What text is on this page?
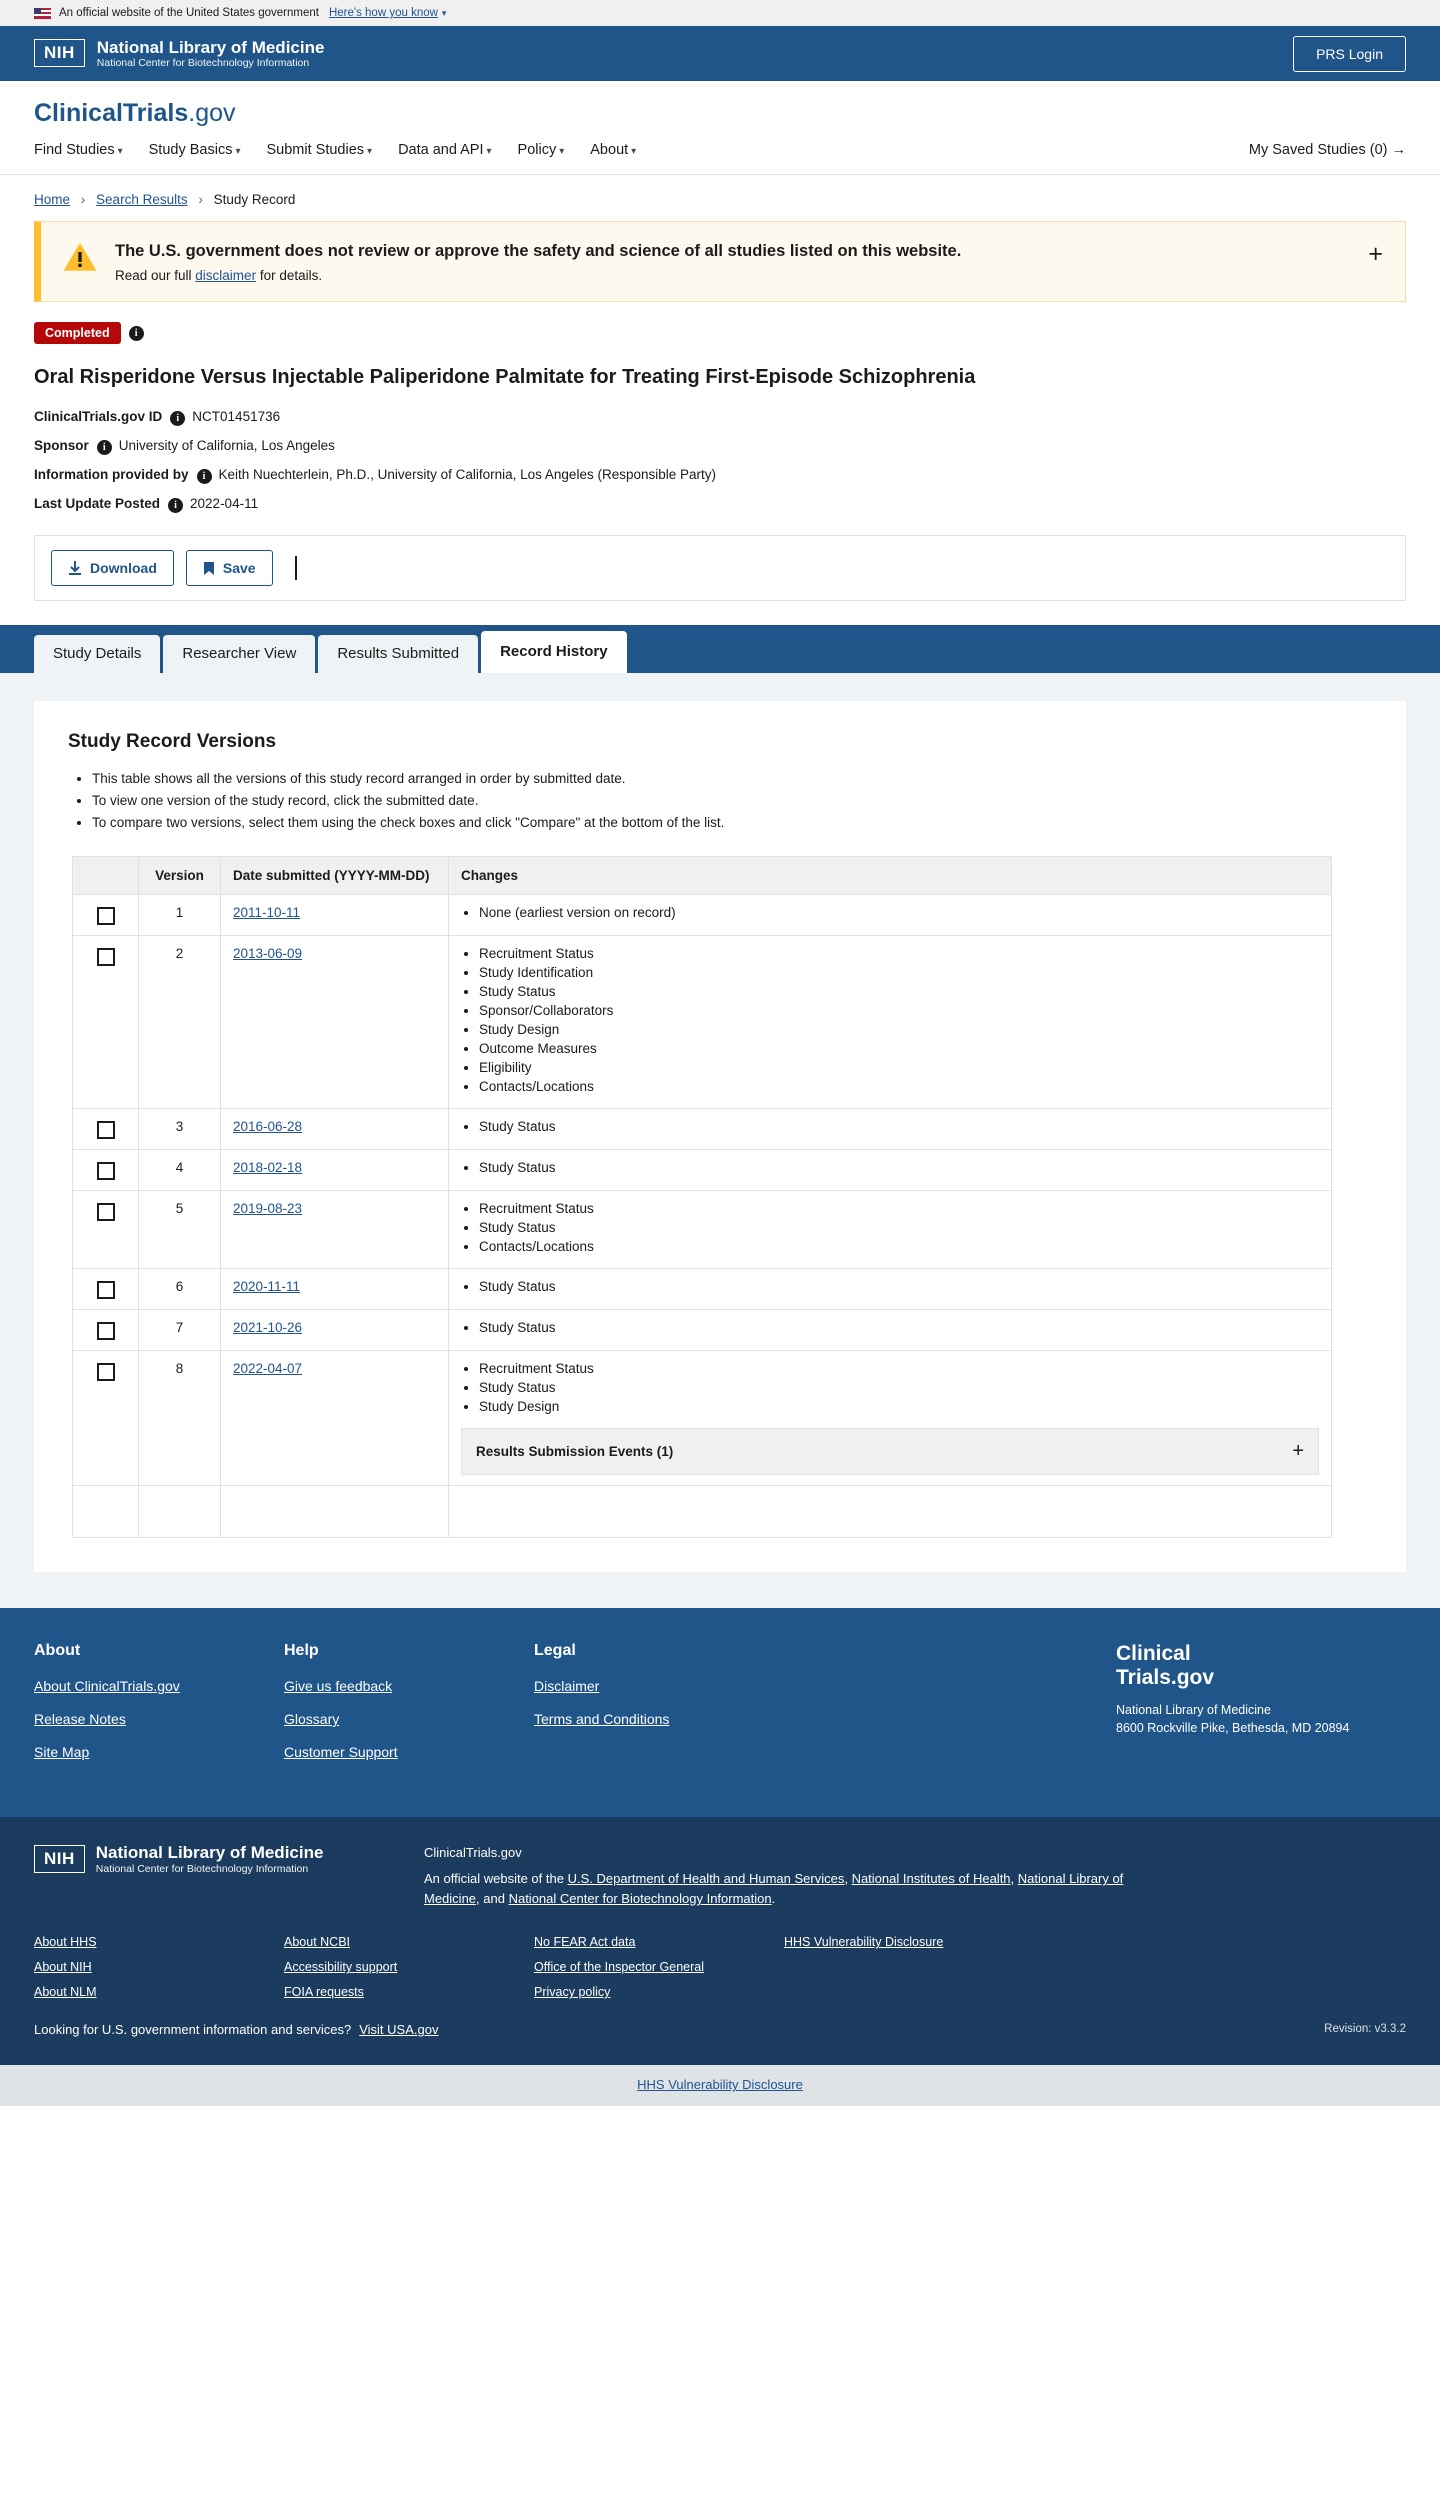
An official website of the United States government Here's how you know ▾
NIH	National Library of Medicine
National Center for Biotechnology Information
PRS Login
ClinicalTrials.gov
Find Studies ▾ Study Basics ▾ Submit Studies ▾ Data and API ▾ Policy ▾ About ▾	My Saved Studies (0) →
Home › Search Results › Study Record
The U.S. government does not review or approve the safety and science of all studies listed on this website.
Read our full disclaimer for details.
+
Completed	i
Oral Risperidone Versus Injectable Paliperidone Palmitate for Treating First-Episode Schizophrenia
ClinicalTrials.gov ID i NCT01451736
Sponsor i University of California, Los Angeles
Information provided by i Keith Nuechterlein, Ph.D., University of California, Los Angeles (Responsible Party)
Last Update Posted i 2022-04-11
Download	Save
Study Details	Researcher View	Results Submitted	Record History
Study Record Versions
• This table shows all the versions of this study record arranged in order by submitted date.
• To view one version of the study record, click the submitted date.
• To compare two versions, select them using the check boxes and click "Compare" at the bottom of the list.
	Version	Date submitted (YYYY-MM-DD)	Changes

	1	2011-10-11	
•None (earliest version on record)

	2	2013-06-09	
•Recruitment Status
• Study Identification
• Study Status
• Sponsor/Collaborators
• Study Design
• Outcome Measures
• Eligibility
• Contacts/Locations

	3	2016-06-28	
•Study Status

	4	2018-02-18	
•Study Status

	5	2019-08-23	
•Recruitment Status
• Study Status
• Contacts/Locations

	6	2020-11-11	
•Study Status

	7	2021-10-26	
•Study Status

	8	2022-04-07	
•Recruitment Status
• Study Status
• Study Design
Results Submission Events (1)	+

About
About ClinicalTrials.gov
Release Notes
Site Map
Help
Give us feedback
Glossary
Customer Support
Legal
Disclaimer
Terms and Conditions
Clinical
Trials.gov
National Library of Medicine
8600 Rockville Pike, Bethesda, MD 20894
NIH	National Library of Medicine
National Center for Biotechnology Information
ClinicalTrials.gov
An official website of the U.S. Department of Health and Human Services, National Institutes of Health, National Library of Medicine, and National Center for Biotechnology Information.
About HHS
About NIH
About NLM
About NCBI
Accessibility support
FOIA requests
No FEAR Act data
Office of the Inspector General
Privacy policy
HHS Vulnerability Disclosure
Looking for U.S. government information and services? Visit USA.gov	Revision: v3.3.2
HHS Vulnerability Disclosure
